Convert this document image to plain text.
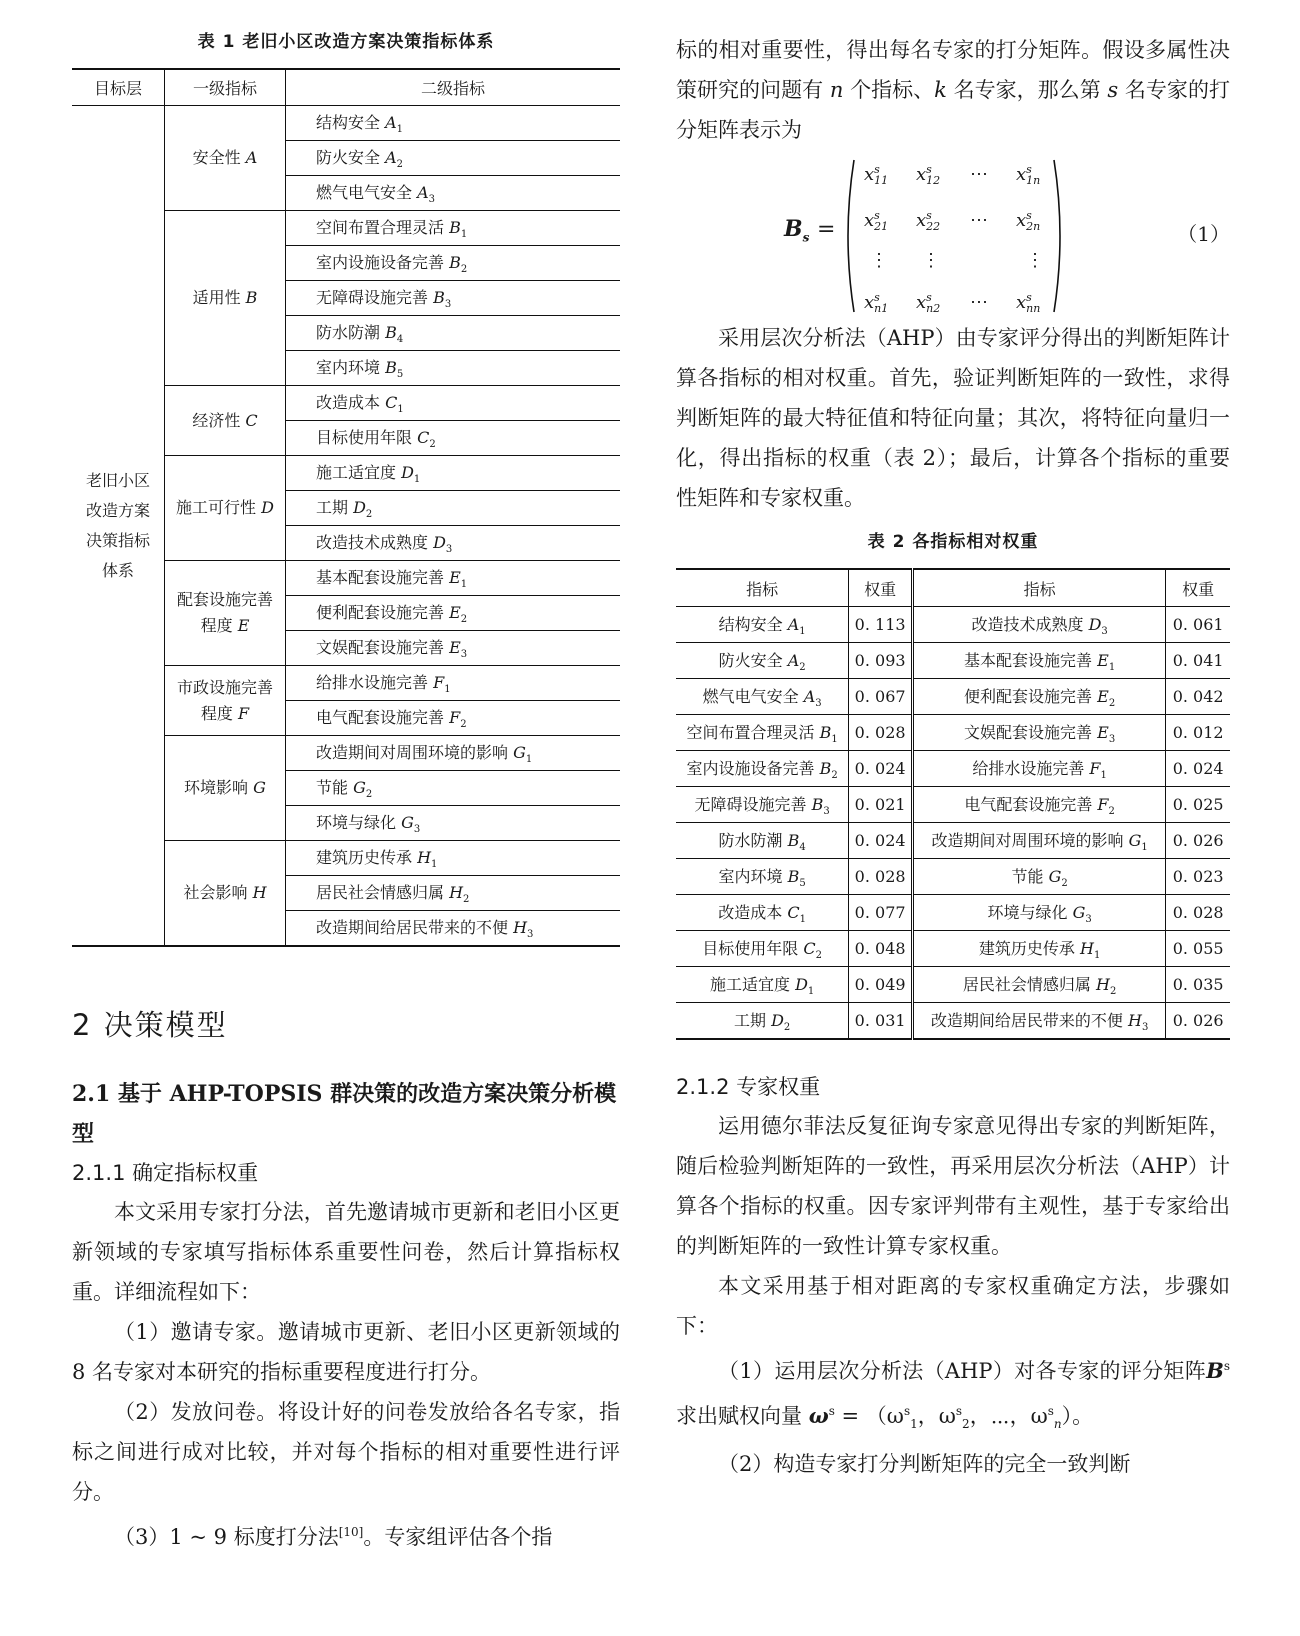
表 1 老旧小区改造方案决策指标体系
目标层	一级指标	二级指标

老旧小区
改造方案
决策指标
体系	安全性 A	结构安全 $A_1$
		防火安全 $A_2$
		燃气电气安全 $A_3$
	适用性 B	空间布置合理灵活 $B_1$
		室内设施设备完善 $B_2$
		无障碍设施完善 $B_3$
		防水防潮 $B_4$
		室内环境 $B_5$
	经济性 C	改造成本 $C_1$
		目标使用年限 $C_2$
	施工可行性 D	施工适宜度 $D_1$
		工期 $D_2$
		改造技术成熟度 $D_3$
	配套设施完善
程度 E	基本配套设施完善 $E_1$
		便利配套设施完善 $E_2$
		文娱配套设施完善 $E_3$
	市政设施完善
程度 F	给排水设施完善 $F_1$
		电气配套设施完善 $F_2$
	环境影响 G	改造期间对周围环境的影响 $G_1$
		节能 $G_2$
		环境与绿化 $G_3$
	社会影响 H	建筑历史传承 $H_1$
		居民社会情感归属 $H_2$
		改造期间给居民带来的不便 $H_3$
2 决策模型
2.1 基于 AHP-TOPSIS 群决策的改造方案决策分析模型
2.1.1 确定指标权重

本文采用专家打分法，首先邀请城市更新和老旧小区更新领域的专家填写指标体系重要性问卷，然后计算指标权重。详细流程如下：

（1）邀请专家。邀请城市更新、老旧小区更新领域的 8 名专家对本研究的指标重要程度进行打分。

（2）发放问卷。将设计好的问卷发放给各名专家，指标之间进行成对比较，并对每个指标的相对重要性进行评分。

（3）1 ~ 9 标度打分法[10]。专家组评估各个指

标的相对重要性，得出每名专家的打分矩阵。假设多属性决策研究的问题有 n 个指标、k 名专家，那么第 s 名专家的打分矩阵表示为

$B_s$ =
x s
11 x s
12 ⋯ x s
1n
x s
21 x s
22 ⋯ x s
2n
x s
n1 x s
n2 ⋯ x s
nn
⋮ ⋮	⋮
（1）

采用层次分析法（AHP）由专家评分得出的判断矩阵计算各指标的相对权重。首先，验证判断矩阵的一致性，求得判断矩阵的最大特征值和特征向量；其次，将特征向量归一化，得出指标的权重（表 2）；最后，计算各个指标的重要性矩阵和专家权重。

表 2 各指标相对权重
指标	权重	指标	权重
结构安全 $A_1$	0. 113	改造技术成熟度 $D_3$	0. 061
防火安全 $A_2$	0. 093	基本配套设施完善 $E_1$	0. 041
燃气电气安全 $A_3$	0. 067	便利配套设施完善 $E_2$	0. 042
空间布置合理灵活 $B_1$	0. 028	文娱配套设施完善 $E_3$	0. 012
室内设施设备完善 $B_2$	0. 024	给排水设施完善 $F_1$	0. 024
无障碍设施完善 $B_3$	0. 021	电气配套设施完善 $F_2$	0. 025
防水防潮 $B_4$	0. 024	改造期间对周围环境的影响 $G_1$	0. 026
室内环境 $B_5$	0. 028	节能 $G_2$	0. 023
改造成本 $C_1$	0. 077	环境与绿化 $G_3$	0. 028
目标使用年限 $C_2$	0. 048	建筑历史传承 $H_1$	0. 055
施工适宜度 $D_1$	0. 049	居民社会情感归属 $H_2$	0. 035
工期 $D_2$	0. 031	改造期间给居民带来的不便 $H_3$	0. 026
2.1.2 专家权重

运用德尔菲法反复征询专家意见得出专家的判断矩阵，随后检验判断矩阵的一致性，再采用层次分析法（AHP）计算各个指标的权重。因专家评判带有主观性，基于专家给出的判断矩阵的一致性计算专家权重。

本文采用基于相对距离的专家权重确定方法，步骤如下：

（1）运用层次分析法（AHP）对各专家的评分矩阵$B^s$求出赋权向量 $\omega^s = (\omega^s_1$，$\omega^s_2$，⋯，$\omega^s_n$）。

（2）构造专家打分判断矩阵的完全一致判断
